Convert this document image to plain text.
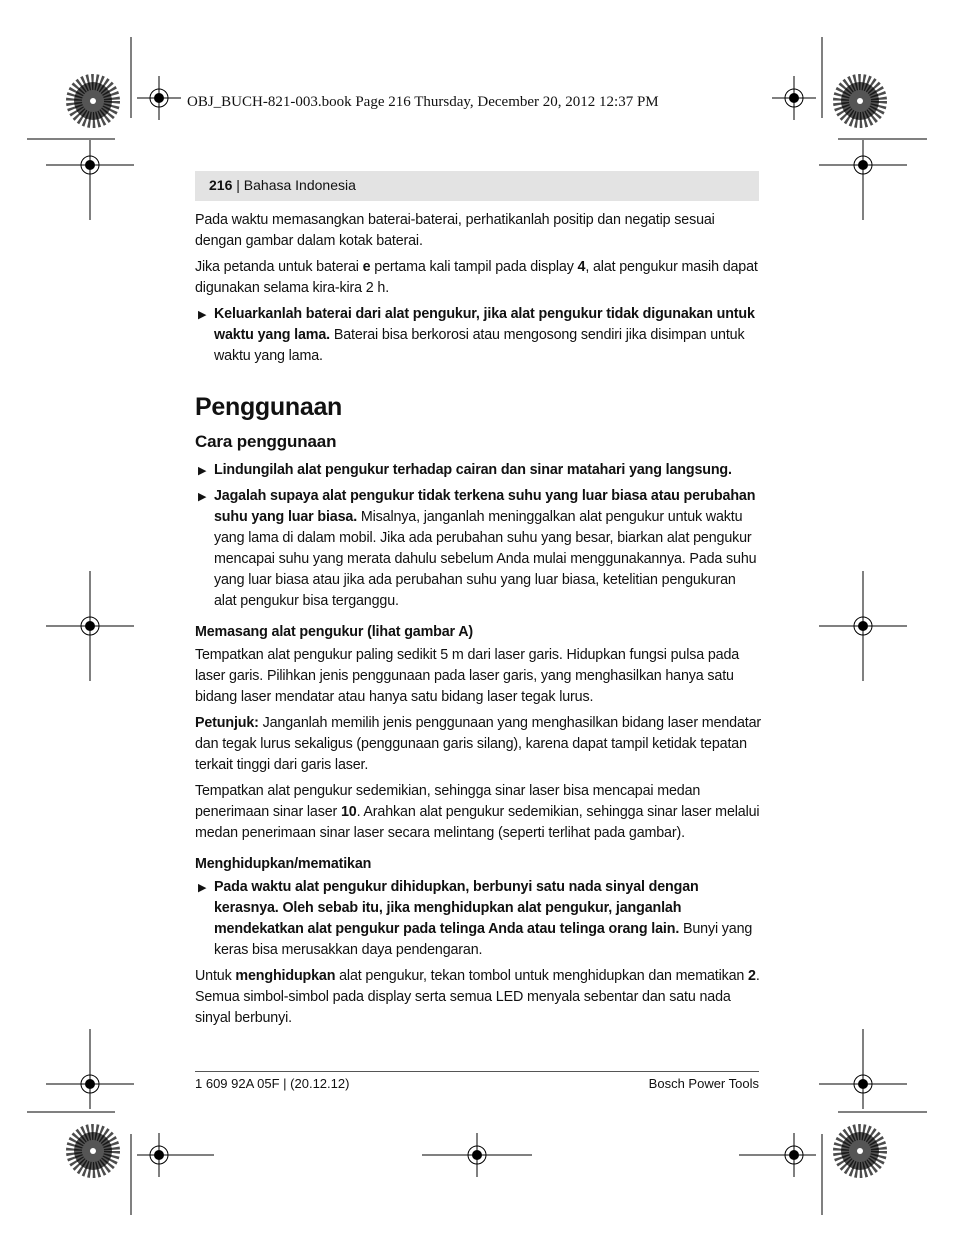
OBJ_BUCH-821-003.book Page 216 Thursday, December 20, 2012 12:37 PM
216 | Bahasa Indonesia

Pada waktu memasangkan baterai-baterai, perhatikanlah positip dan negatip sesuai dengan gambar dalam kotak baterai.

Jika petanda untuk baterai e pertama kali tampil pada display 4, alat pengukur masih dapat digunakan selama kira-kira 2 h.

▶ Keluarkanlah baterai dari alat pengukur, jika alat pengukur tidak digunakan untuk waktu yang lama. Baterai bisa berkorosi atau mengosong sendiri jika disimpan untuk waktu yang lama.
Penggunaan
Cara penggunaan
▶ Lindungilah alat pengukur terhadap cairan dan sinar matahari yang langsung.
▶ Jagalah supaya alat pengukur tidak terkena suhu yang luar biasa atau perubahan suhu yang luar biasa. Misalnya, janganlah meninggalkan alat pengukur untuk waktu yang lama di dalam mobil. Jika ada perubahan suhu yang besar, biarkan alat pengukur mencapai suhu yang merata dahulu sebelum Anda mulai menggunakannya. Pada suhu yang luar biasa atau jika ada perubahan suhu yang luar biasa, ketelitian pengukuran alat pengukur bisa terganggu.
Memasang alat pengukur (lihat gambar A)

Tempatkan alat pengukur paling sedikit 5 m dari laser garis. Hidupkan fungsi pulsa pada laser garis. Pilihkan jenis penggunaan pada laser garis, yang menghasilkan hanya satu bidang laser mendatar atau hanya satu bidang laser tegak lurus.

Petunjuk: Janganlah memilih jenis penggunaan yang menghasilkan bidang laser mendatar dan tegak lurus sekaligus (penggunaan garis silang), karena dapat tampil ketidak tepatan terkait tinggi dari garis laser.

Tempatkan alat pengukur sedemikian, sehingga sinar laser bisa mencapai medan penerimaan sinar laser 10. Arahkan alat pengukur sedemikian, sehingga sinar laser melalui medan penerimaan sinar laser secara melintang (seperti terlihat pada gambar).

Menghidupkan/mematikan
▶ Pada waktu alat pengukur dihidupkan, berbunyi satu nada sinyal dengan kerasnya. Oleh sebab itu, jika menghidupkan alat pengukur, janganlah mendekatkan alat pengukur pada telinga Anda atau telinga orang lain. Bunyi yang keras bisa merusakkan daya pendengaran.

Untuk menghidupkan alat pengukur, tekan tombol untuk menghidupkan dan mematikan 2. Semua simbol-simbol pada display serta semua LED menyala sebentar dan satu nada sinyal berbunyi.

1 609 92A 05F | (20.12.12)	Bosch Power Tools
